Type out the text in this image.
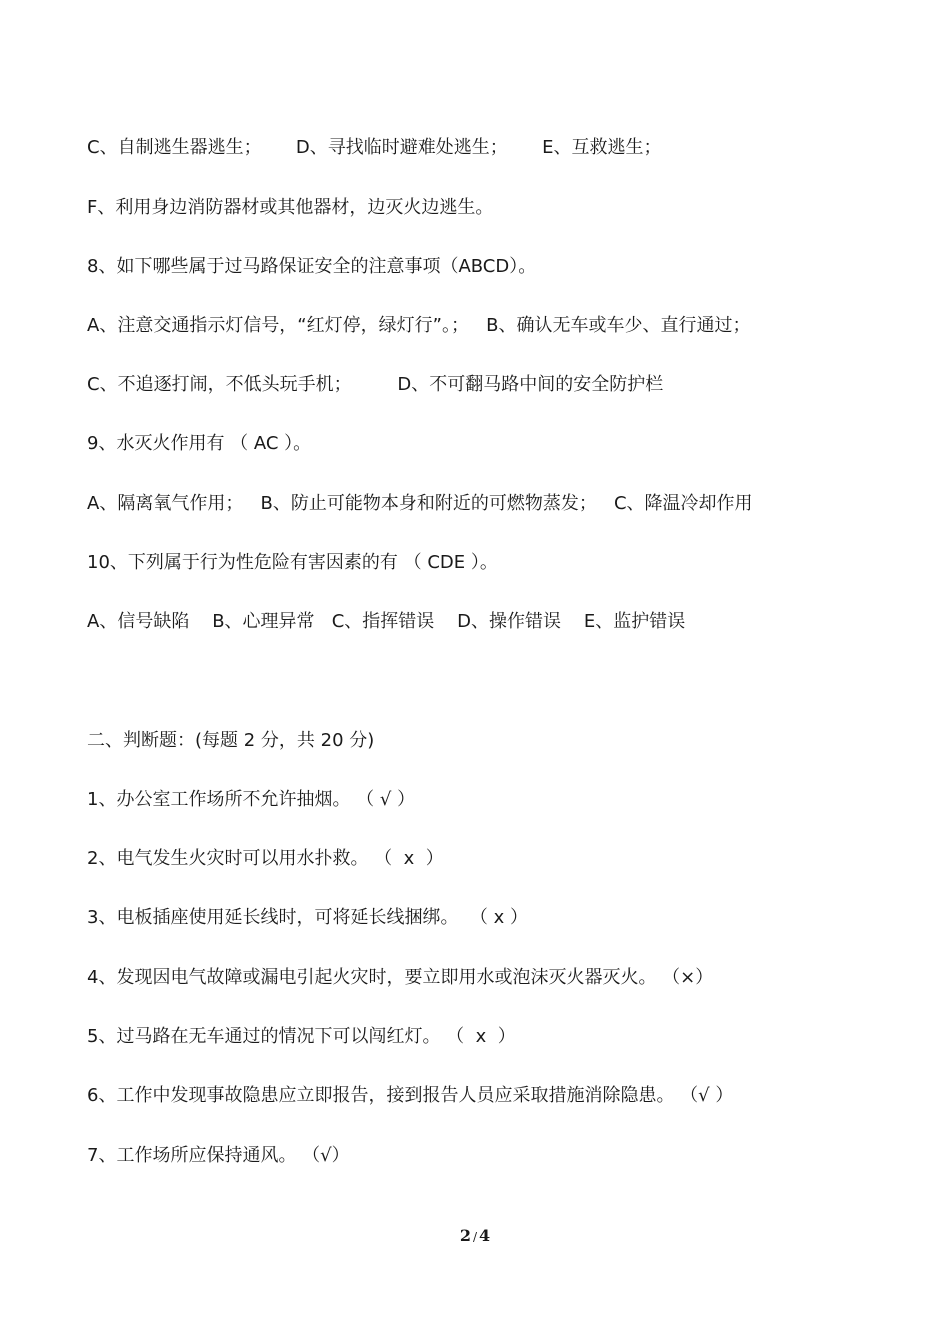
C、自制逃生器逃生；      D、寻找临时避难处逃生；      E、互救逃生；
F、利用身边消防器材或其他器材，边灭火边逃生。
8、如下哪些属于过马路保证安全的注意事项（ABCD）。
A、注意交通指示灯信号，“红灯停，绿灯行”。；   B、确认无车或车少、直行通过；
C、不追逐打闹，不低头玩手机；        D、不可翻马路中间的安全防护栏
9、水灭火作用有 （ AC ）。
A、隔离氧气作用；   B、防止可能物本身和附近的可燃物蒸发；   C、降温冷却作用
10、下列属于行为性危险有害因素的有 （ CDE ）。
A、信号缺陷    B、心理异常   C、指挥错误    D、操作错误    E、监护错误
二、判断题：(每题 2 分，共 20 分)
1、办公室工作场所不允许抽烟。 （ √ ）
2、电气发生火灾时可以用水扑救。 （  x  ）
3、电板插座使用延长线时，可将延长线捆绑。  （ x ）
4、发现因电气故障或漏电引起火灾时，要立即用水或泡沫灭火器灭火。 （×）
5、过马路在无车通过的情况下可以闯红灯。 （  x  ）
6、工作中发现事故隐患应立即报告，接到报告人员应采取措施消除隐患。 （√ ）
7、工作场所应保持通风。 （√）
2 / 4
